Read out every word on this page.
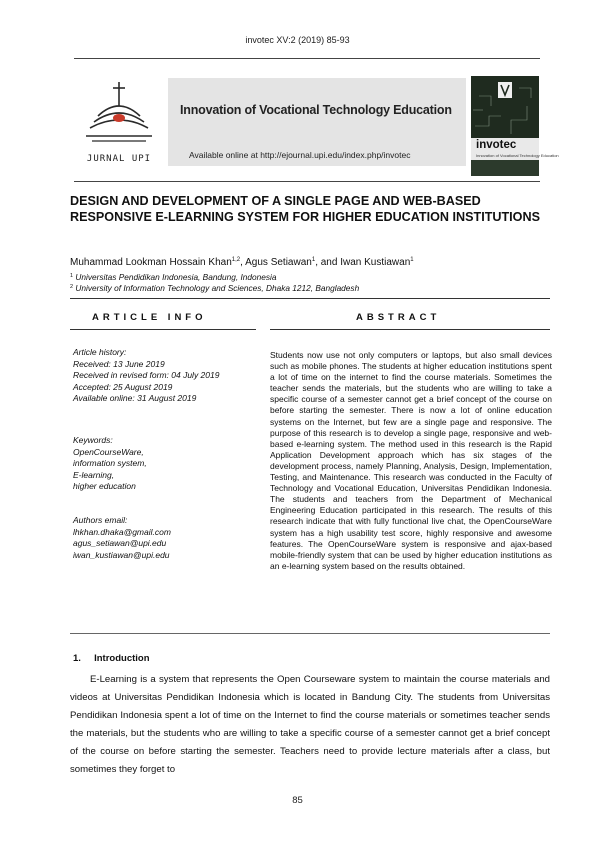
invotec XV:2 (2019) 85-93
JURNAL UPI
Innovation of Vocational Technology Education
Available online at http://ejournal.upi.edu/index.php/invotec
invotec
Innovation of Vocational Technology Education
DESIGN AND DEVELOPMENT OF A SINGLE PAGE AND WEB-BASED RESPONSIVE E-LEARNING SYSTEM FOR HIGHER EDUCATION INSTITUTIONS
Muhammad Lookman Hossain Khan$^{1,2}$, Agus Setiawan$^1$, and Iwan Kustiawan$^1$
$^1$ Universitas Pendidikan Indonesia, Bandung, Indonesia
$^2$ University of Information Technology and Sciences, Dhaka 1212, Bangladesh
ARTICLE INFO	ABSTRACT
Article history:
Received: 13 June 2019
Received in revised form: 04 July 2019
Accepted: 25 August 2019
Available online: 31 August 2019
Keywords:
OpenCourseWare,
information system,
E-learning,
higher education
Authors email:
lhkhan.dhaka@gmail.com
agus_setiawan@upi.edu
iwan_kustiawan@upi.edu
Students now use not only computers or laptops, but also small devices such as mobile phones. The students at higher education institutions spent a lot of time on the internet to find the course materials. Sometimes the teacher sends the materials, but the students who are willing to take a specific course of a semester cannot get a brief concept of the course on before starting the semester. There is now a lot of online education systems on the Internet, but few are a single page and responsive. The purpose of this research is to develop a single page, responsive and web-based e-learning system. The method used in this research is the Rapid Application Development approach which has six stages of the development process, namely Planning, Analysis, Design, Implementation, Testing, and Maintenance. This research was conducted in the Faculty of Technology and Vocational Education, Universitas Pendidikan Indonesia. The students and teachers from the Department of Mechanical Engineering Education participated in this research. The results of this research indicate that with fully functional live chat, the OpenCourseWare system has a high usability test score, highly responsive and awesome features. The OpenCourseWare system is responsive and ajax-based mobile-friendly system that can be used by higher education institutions as an e-learning system based on the results obtained.
1.     Introduction
E-Learning is a system that represents the Open Courseware system to maintain the course materials and videos at Universitas Pendidikan Indonesia which is located in Bandung City. The students from Universitas Pendidikan Indonesia spent a lot of time on the Internet to find the course materials or sometimes teacher sends the materials, but the students who are willing to take a specific course of a semester cannot get a brief concept of the course on before starting the semester. Teachers need to provide lecture materials after a class, but sometimes they forget to
85
